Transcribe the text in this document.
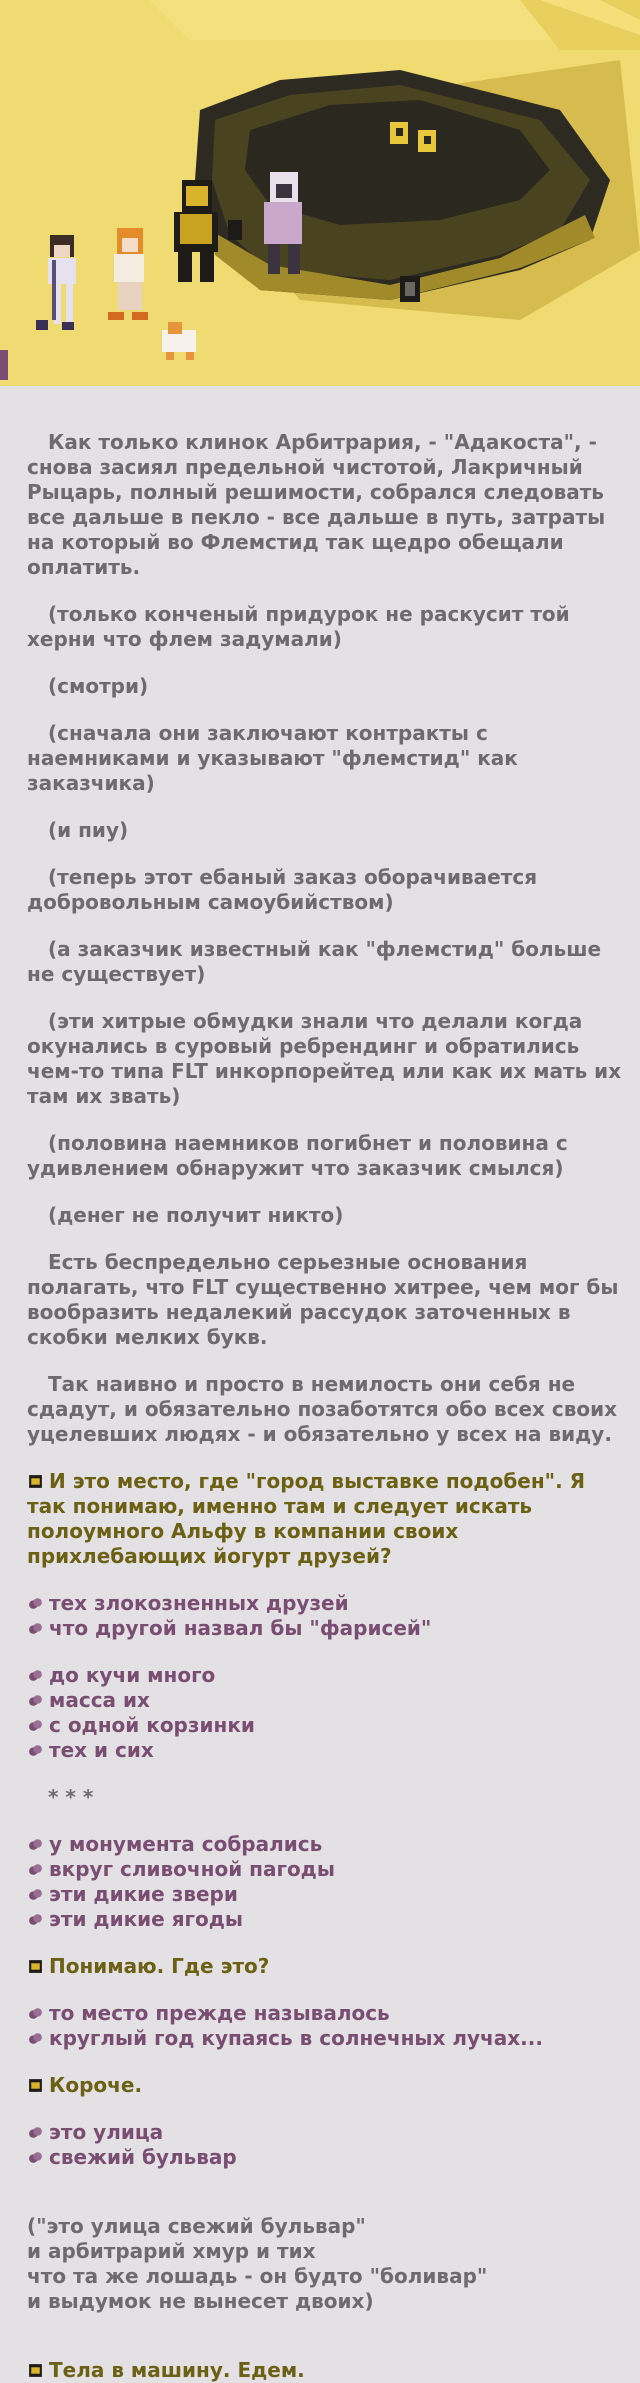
Как только клинок Арбитрария, - "Адакоста", - снова засиял предельной чистотой, Лакричный Рыцарь, полный решимости, собрался следовать все дальше в пекло - все дальше в путь, затраты на который во Флемстид так щедро обещали оплатить.

(только конченый придурок не раскусит той херни что флем задумали)

(смотри)

(сначала они заключают контракты с наемниками и указывают "флемстид" как заказчика)

(и пиу)

(теперь этот ебаный заказ оборачивается добровольным самоубийством)

(а заказчик известный как "флемстид" больше не существует)

(эти хитрые обмудки знали что делали когда окунались в суровый ребрендинг и обратились чем-то типа FLT инкорпорейтед или как их мать их там их звать)

(половина наемников погибнет и половина с удивлением обнаружит что заказчик смылся)

(денег не получит никто)

Есть беспредельно серьезные основания полагать, что FLT существенно хитрее, чем мог бы вообразить недалекий рассудок заточенных в скобки мелких букв.

Так наивно и просто в немилость они себя не сдадут, и обязательно позаботятся обо всех своих уцелевших людях - и обязательно у всех на виду.

И это место, где "город выставке подобен". Я так понимаю, именно там и следует искать полоумного Альфу в компании своих прихлебающих йогурт друзей?
тех злокозненных друзей
что другой назвал бы "фарисей"
до кучи много
масса их
с одной корзинки
тех и сих
* * *
у монумента собрались
вкруг сливочной пагоды
эти дикие звери
эти дикие ягоды
Понимаю. Где это?
то место прежде называлось
круглый год купаясь в солнечных лучах...
Короче.
это улица
свежий бульвар
("это улица свежий бульвар"
и арбитрарий хмур и тих
что та же лошадь - он будто "боливар"
и выдумок не вынесет двоих)
Тела в машину. Едем.
